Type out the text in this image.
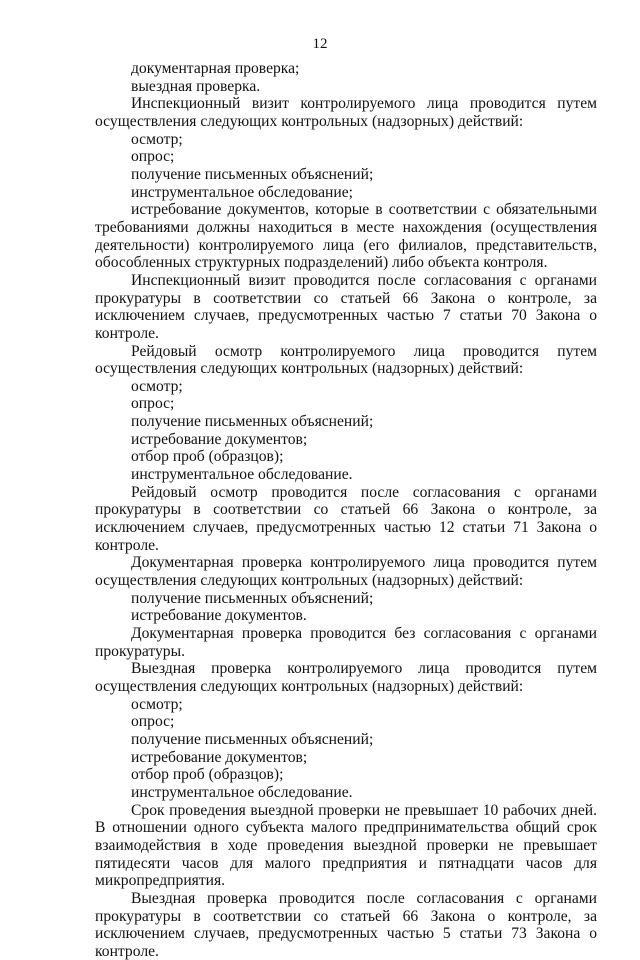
12

документарная проверка;

выездная проверка.

Инспекционный визит контролируемого лица проводится путем осуществления следующих контрольных (надзорных) действий:

осмотр;

опрос;

получение письменных объяснений;

инструментальное обследование;

истребование документов, которые в соответствии с обязательными требованиями должны находиться в месте нахождения (осуществления деятельности) контролируемого лица (его филиалов, представительств, обособленных структурных подразделений) либо объекта контроля.

Инспекционный визит проводится после согласования с органами прокуратуры в соответствии со статьей 66 Закона о контроле, за исключением случаев, предусмотренных частью 7 статьи 70 Закона о контроле.

Рейдовый осмотр контролируемого лица проводится путем осуществления следующих контрольных (надзорных) действий:

осмотр;

опрос;

получение письменных объяснений;

истребование документов;

отбор проб (образцов);

инструментальное обследование.

Рейдовый осмотр проводится после согласования с органами прокуратуры в соответствии со статьей 66 Закона о контроле, за исключением случаев, предусмотренных частью 12 статьи 71 Закона о контроле.

Документарная проверка контролируемого лица проводится путем осуществления следующих контрольных (надзорных) действий:

получение письменных объяснений;

истребование документов.

Документарная проверка проводится без согласования с органами прокуратуры.

Выездная проверка контролируемого лица проводится путем осуществления следующих контрольных (надзорных) действий:

осмотр;

опрос;

получение письменных объяснений;

истребование документов;

отбор проб (образцов);

инструментальное обследование.

Срок проведения выездной проверки не превышает 10 рабочих дней. В отношении одного субъекта малого предпринимательства общий срок взаимодействия в ходе проведения выездной проверки не превышает пятидесяти часов для малого предприятия и пятнадцати часов для микропредприятия.

Выездная проверка проводится после согласования с органами прокуратуры в соответствии со статьей 66 Закона о контроле, за исключением случаев, предусмотренных частью 5 статьи 73 Закона о контроле.
